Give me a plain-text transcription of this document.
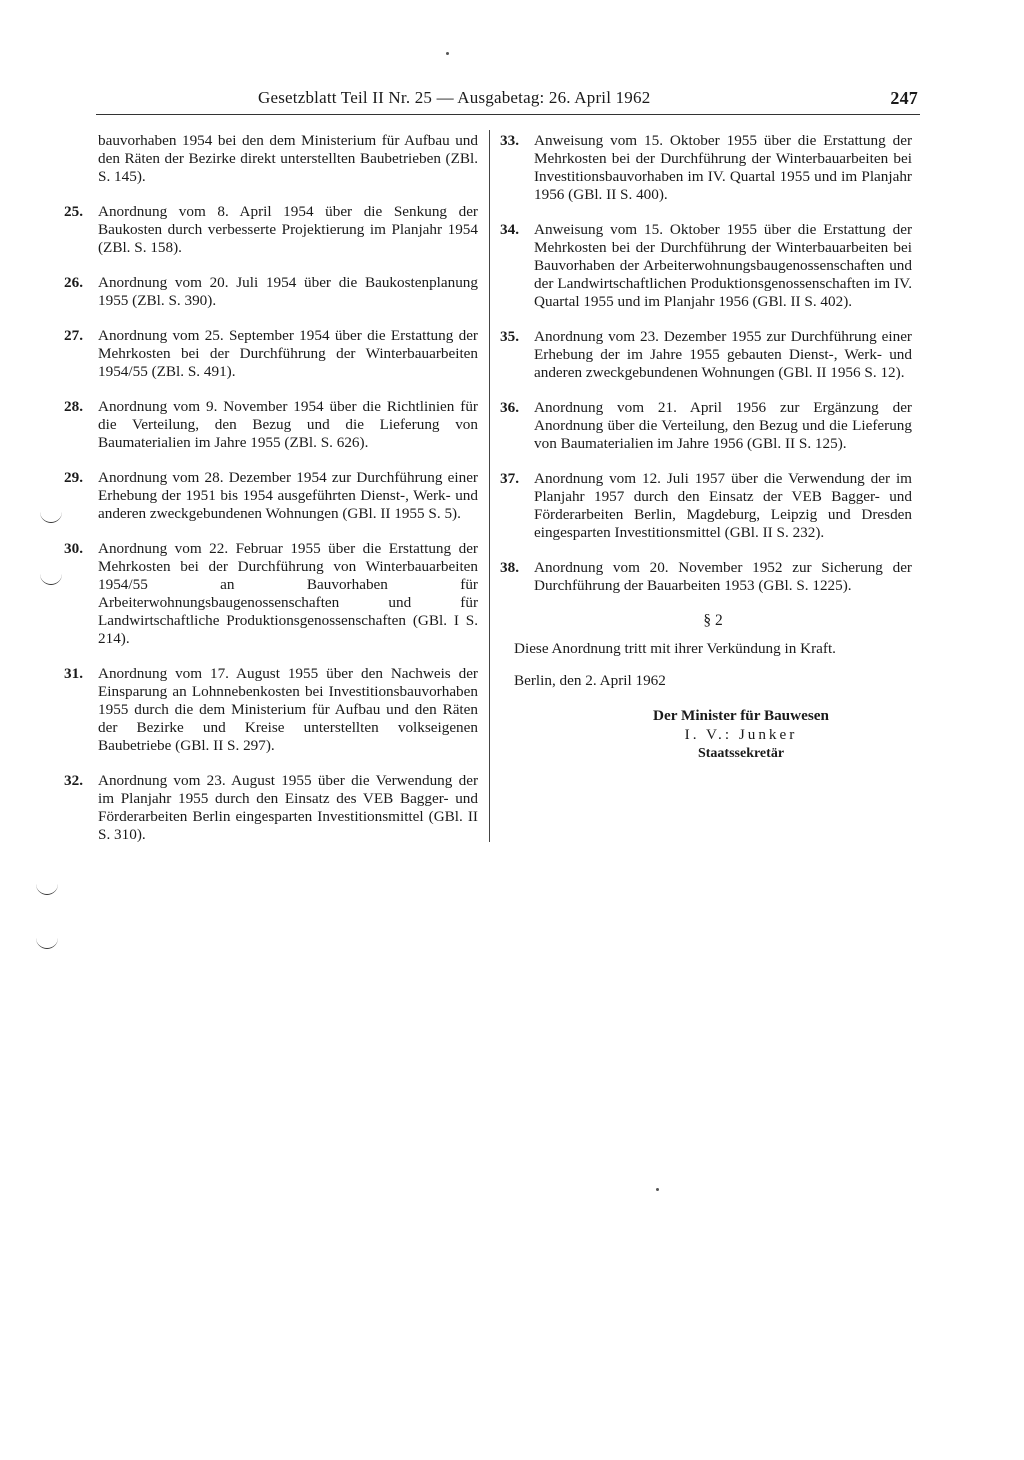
Gesetzblatt Teil II Nr. 25 — Ausgabetag: 26. April 1962	247
bauvorhaben 1954 bei den dem Ministerium für Aufbau und den Räten der Bezirke direkt unterstellten Baubetrieben (ZBl. S. 145).
25. Anordnung vom 8. April 1954 über die Senkung der Baukosten durch verbesserte Projektierung im Planjahr 1954 (ZBl. S. 158).
26. Anordnung vom 20. Juli 1954 über die Baukostenplanung 1955 (ZBl. S. 390).
27. Anordnung vom 25. September 1954 über die Erstattung der Mehrkosten bei der Durchführung der Winterbauarbeiten 1954/55 (ZBl. S. 491).
28. Anordnung vom 9. November 1954 über die Richtlinien für die Verteilung, den Bezug und die Lieferung von Baumaterialien im Jahre 1955 (ZBl. S. 626).
29. Anordnung vom 28. Dezember 1954 zur Durchführung einer Erhebung der 1951 bis 1954 ausgeführten Dienst-, Werk- und anderen zweckgebundenen Wohnungen (GBl. II 1955 S. 5).
30. Anordnung vom 22. Februar 1955 über die Erstattung der Mehrkosten bei der Durchführung von Winterbauarbeiten 1954/55 an Bauvorhaben für Arbeiterwohnungsbaugenossenschaften und für Landwirtschaftliche Produktionsgenossenschaften (GBl. I S. 214).
31. Anordnung vom 17. August 1955 über den Nachweis der Einsparung an Lohnnebenkosten bei Investitionsbauvorhaben 1955 durch die dem Ministerium für Aufbau und den Räten der Bezirke und Kreise unterstellten volkseigenen Baubetriebe (GBl. II S. 297).
32. Anordnung vom 23. August 1955 über die Verwendung der im Planjahr 1955 durch den Einsatz des VEB Bagger- und Förderarbeiten Berlin eingesparten Investitionsmittel (GBl. II S. 310).
33. Anweisung vom 15. Oktober 1955 über die Erstattung der Mehrkosten bei der Durchführung der Winterbauarbeiten bei Investitionsbauvorhaben im IV. Quartal 1955 und im Planjahr 1956 (GBl. II S. 400).
34. Anweisung vom 15. Oktober 1955 über die Erstattung der Mehrkosten bei der Durchführung der Winterbauarbeiten bei Bauvorhaben der Arbeiterwohnungsbaugenossenschaften und der Landwirtschaftlichen Produktionsgenossenschaften im IV. Quartal 1955 und im Planjahr 1956 (GBl. II S. 402).
35. Anordnung vom 23. Dezember 1955 zur Durchführung einer Erhebung der im Jahre 1955 gebauten Dienst-, Werk- und anderen zweckgebundenen Wohnungen (GBl. II 1956 S. 12).
36. Anordnung vom 21. April 1956 zur Ergänzung der Anordnung über die Verteilung, den Bezug und die Lieferung von Baumaterialien im Jahre 1956 (GBl. II S. 125).
37. Anordnung vom 12. Juli 1957 über die Verwendung der im Planjahr 1957 durch den Einsatz der VEB Bagger- und Förderarbeiten Berlin, Magdeburg, Leipzig und Dresden eingesparten Investitionsmittel (GBl. II S. 232).
38. Anordnung vom 20. November 1952 zur Sicherung der Durchführung der Bauarbeiten 1953 (GBl. S. 1225).
§ 2
Diese Anordnung tritt mit ihrer Verkündung in Kraft.
Berlin, den 2. April 1962
Der Minister für Bauwesen
I. V.: Junker
Staatssekretär
